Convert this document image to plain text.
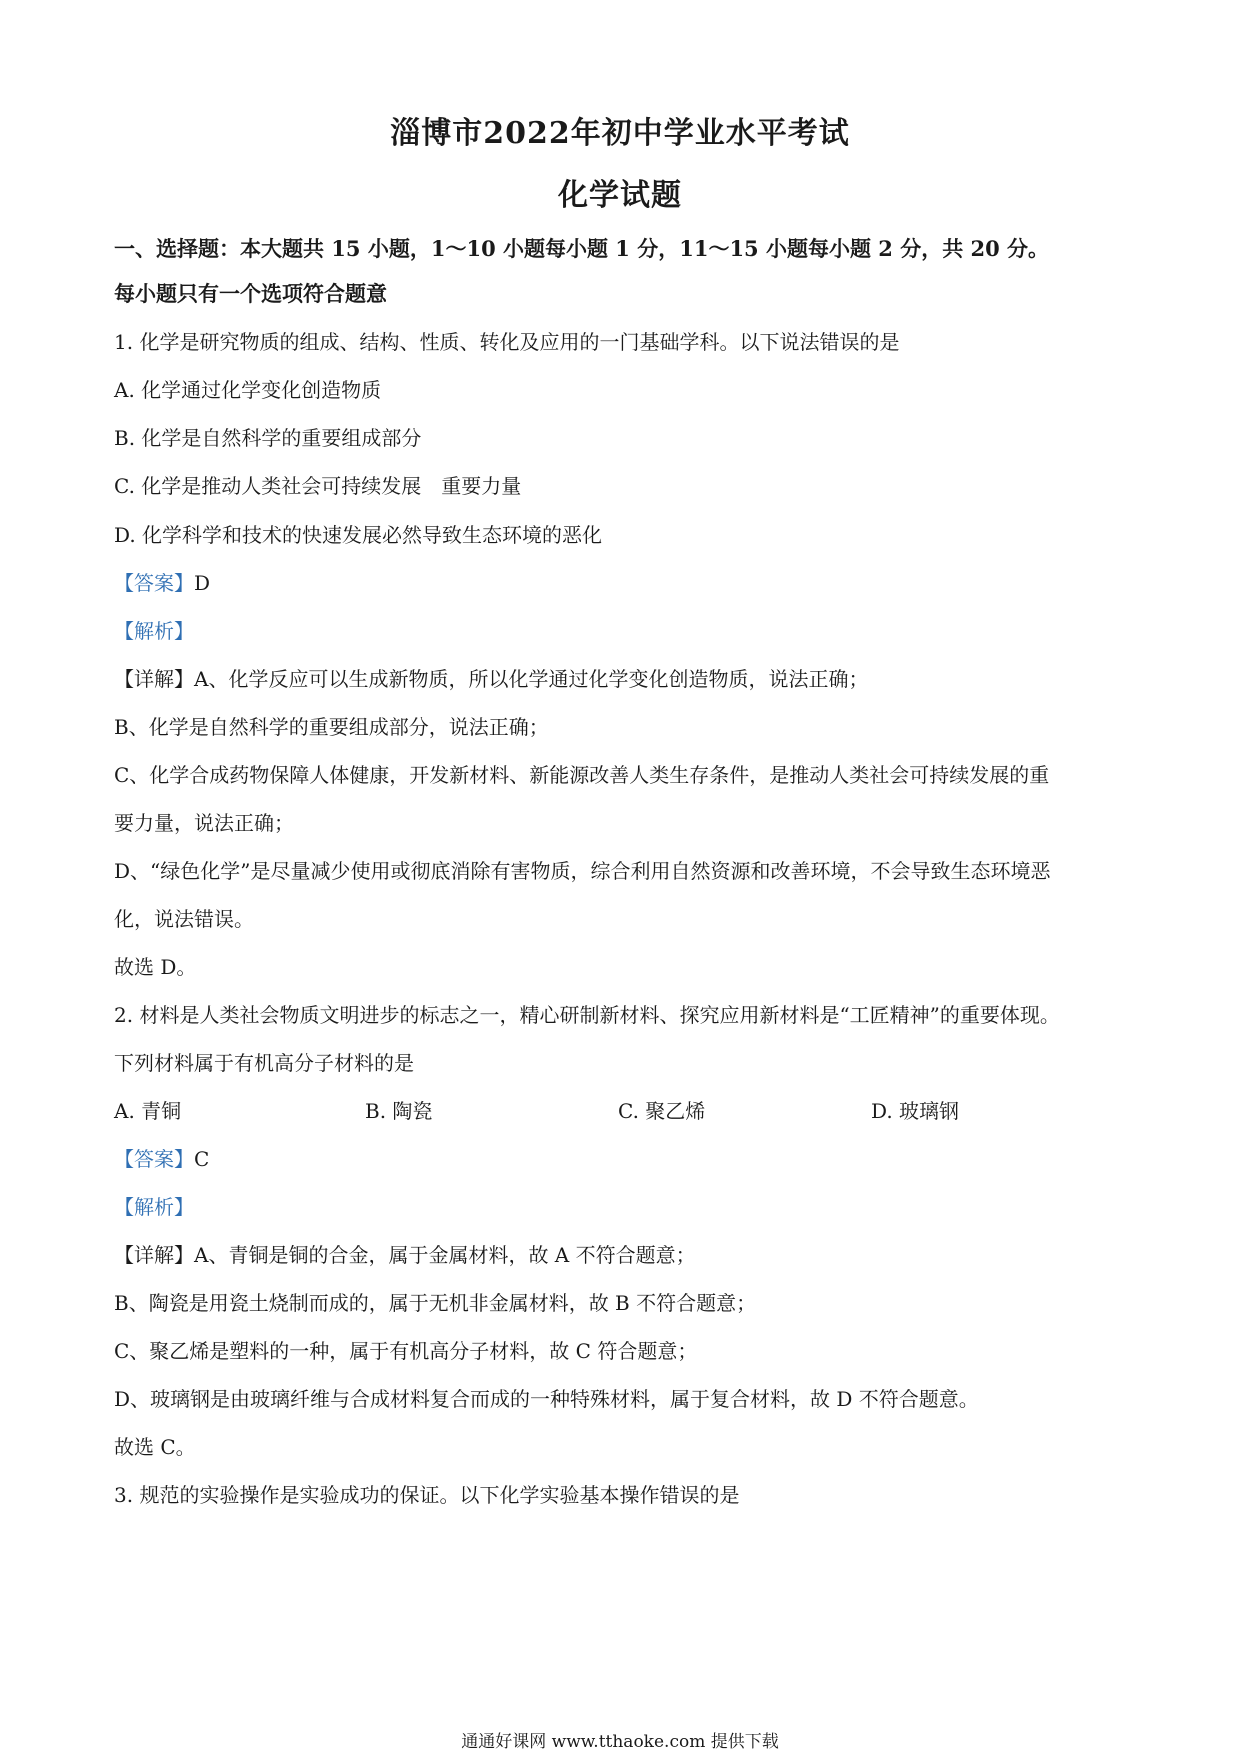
淄博市2022年初中学业水平考试
化学试题
一、选择题：本大题共 15 小题，1～10 小题每小题 1 分，11～15 小题每小题 2 分，共 20 分。
每小题只有一个选项符合题意
1. 化学是研究物质的组成、结构、性质、转化及应用的一门基础学科。以下说法错误的是
A. 化学通过化学变化创造物质
B. 化学是自然科学的重要组成部分
C. 化学是推动人类社会可持续发展　重要力量
D. 化学科学和技术的快速发展必然导致生态环境的恶化
【答案】D
【解析】
【详解】A、化学反应可以生成新物质，所以化学通过化学变化创造物质，说法正确；
B、化学是自然科学的重要组成部分，说法正确；
C、化学合成药物保障人体健康，开发新材料、新能源改善人类生存条件，是推动人类社会可持续发展的重
要力量，说法正确；
D、“绿色化学”是尽量减少使用或彻底消除有害物质，综合利用自然资源和改善环境，不会导致生态环境恶
化，说法错误。
故选 D。
2. 材料是人类社会物质文明进步的标志之一，精心研制新材料、探究应用新材料是“工匠精神”的重要体现。
下列材料属于有机高分子材料的是
A. 青铜	B. 陶瓷	C. 聚乙烯	D. 玻璃钢
【答案】C
【解析】
【详解】A、青铜是铜的合金，属于金属材料，故 A 不符合题意；
B、陶瓷是用瓷土烧制而成的，属于无机非金属材料，故 B 不符合题意；
C、聚乙烯是塑料的一种，属于有机高分子材料，故 C 符合题意；
D、玻璃钢是由玻璃纤维与合成材料复合而成的一种特殊材料，属于复合材料，故 D 不符合题意。
故选 C。
3. 规范的实验操作是实验成功的保证。以下化学实验基本操作错误的是
通通好课网 www.tthaoke.com 提供下载
